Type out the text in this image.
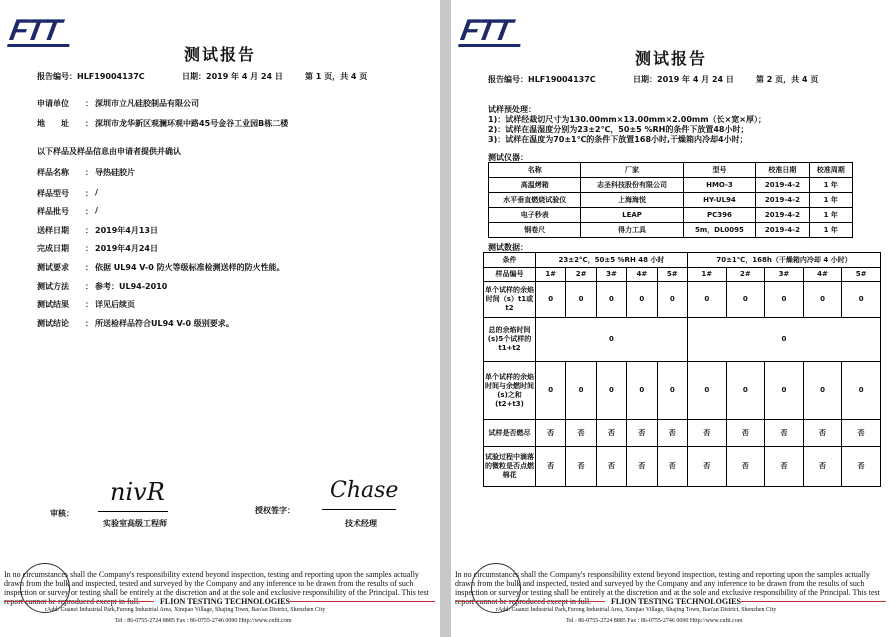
FTT
测试报告
报告编号：HLF19004137C	日期：2019 年 4 月 24 日	第 1 页，共 4 页
申请单位 ： 深圳市立凡硅胶制品有限公司
地　　址 ： 深圳市龙华新区观澜环观中路45号金谷工业园B栋二楼
以下样品及样品信息由申请者提供并确认
样品名称 ： 导热硅胶片
样品型号 ： /
样品批号 ： /
送样日期 ： 2019年4月13日
完成日期 ： 2019年4月24日
测试要求 ： 依据 UL94 V-0 防火等级标准检测送样的防火性能。
测试方法 ： 参考：UL94-2010
测试结果 ： 详见后续页
测试结论 ： 所送检样品符合UL94 V-0 级别要求。
审核：
nivR
实验室高级工程师
授权签字：
Chase
技术经理
In no circumstances shall the Company's responsibility extend beyond inspection, testing and reporting upon the samples actually drawn from the bulk and inspected, tested and surveyed by the Company and any inference to be drawn from the results of such inspection or survey or testing shall be entirely at the discretion and at the sole and exclusive responsibility of the Principal. This test
FLION TESTING TECHNOLOGIES
rAdd: Guanzi Industrial Park,Furong Industrial Area, Xinqiao Village, Shajing Town, Bao'an District, Shenzhen City
Tel : 86-0755-2724 8885 Fax : 86-0755-2746 0090 Http://www.cnftt.com
FTT
测试报告
报告编号：HLF19004137C	日期：2019 年 4 月 24 日	第 2 页，共 4 页
试样预处理：
1)：试样经裁切尺寸为130.00mm×13.00mm×2.00mm（长×宽×厚）；
2)：试样在温湿度分别为23±2℃，50±5 %RH的条件下放置48小时；
3)：试样在温度为70±1℃的条件下放置168小时,干燥箱内冷却4小时；
测试仪器：
名称	厂家	型号	校准日期	校准周期
高温烤箱	志圣科技股份有限公司	HMO-3	2019-4-2	1 年
水平垂直燃烧试验仪	上海海悦	HY-UL94	2019-4-2	1 年
电子秒表	LEAP	PC396	2019-4-2	1 年
钢卷尺	得力工具	5m，DL0095	2019-4-2	1 年
测试数据：
条件	23±2°C，50±5 %RH 48 小时					70±1℃，168h（干燥箱内冷却 4 小时）				
样品编号	1#	2#	3#	4#	5#	1#	2#	3#	4#	5#
单个试样的余焰时间（s）t1或 t2	0	0	0	0	0	0	0	0	0	0
总的余焰时间(s)5个试样的t1+t2	0					0				
单个试样的余焰时间与余燃时间(s)之和(t2+t3)	0	0	0	0	0	0	0	0	0	0
试样是否燃尽	否	否	否	否	否	否	否	否	否	否
试验过程中滴落的微粒是否点燃棉花	否	否	否	否	否	否	否	否	否	否
In no circumstances shall the Company's responsibility extend beyond inspection, testing and reporting upon the samples actually drawn from the bulk and inspected, tested and surveyed by the Company and any inference to be drawn from the results of such inspection or survey or testing shall be entirely at the discretion and at the sole and exclusive responsibility of the Principal. This test
FLION TESTING TECHNOLOGIES
rAdd: Guanzi Industrial Park,Furong Industrial Area, Xinqiao Village, Shajing Town, Bao'an District, Shenzhen City
Tel : 86-0755-2724 8885 Fax : 86-0755-2746 0090 Http://www.cnftt.com
